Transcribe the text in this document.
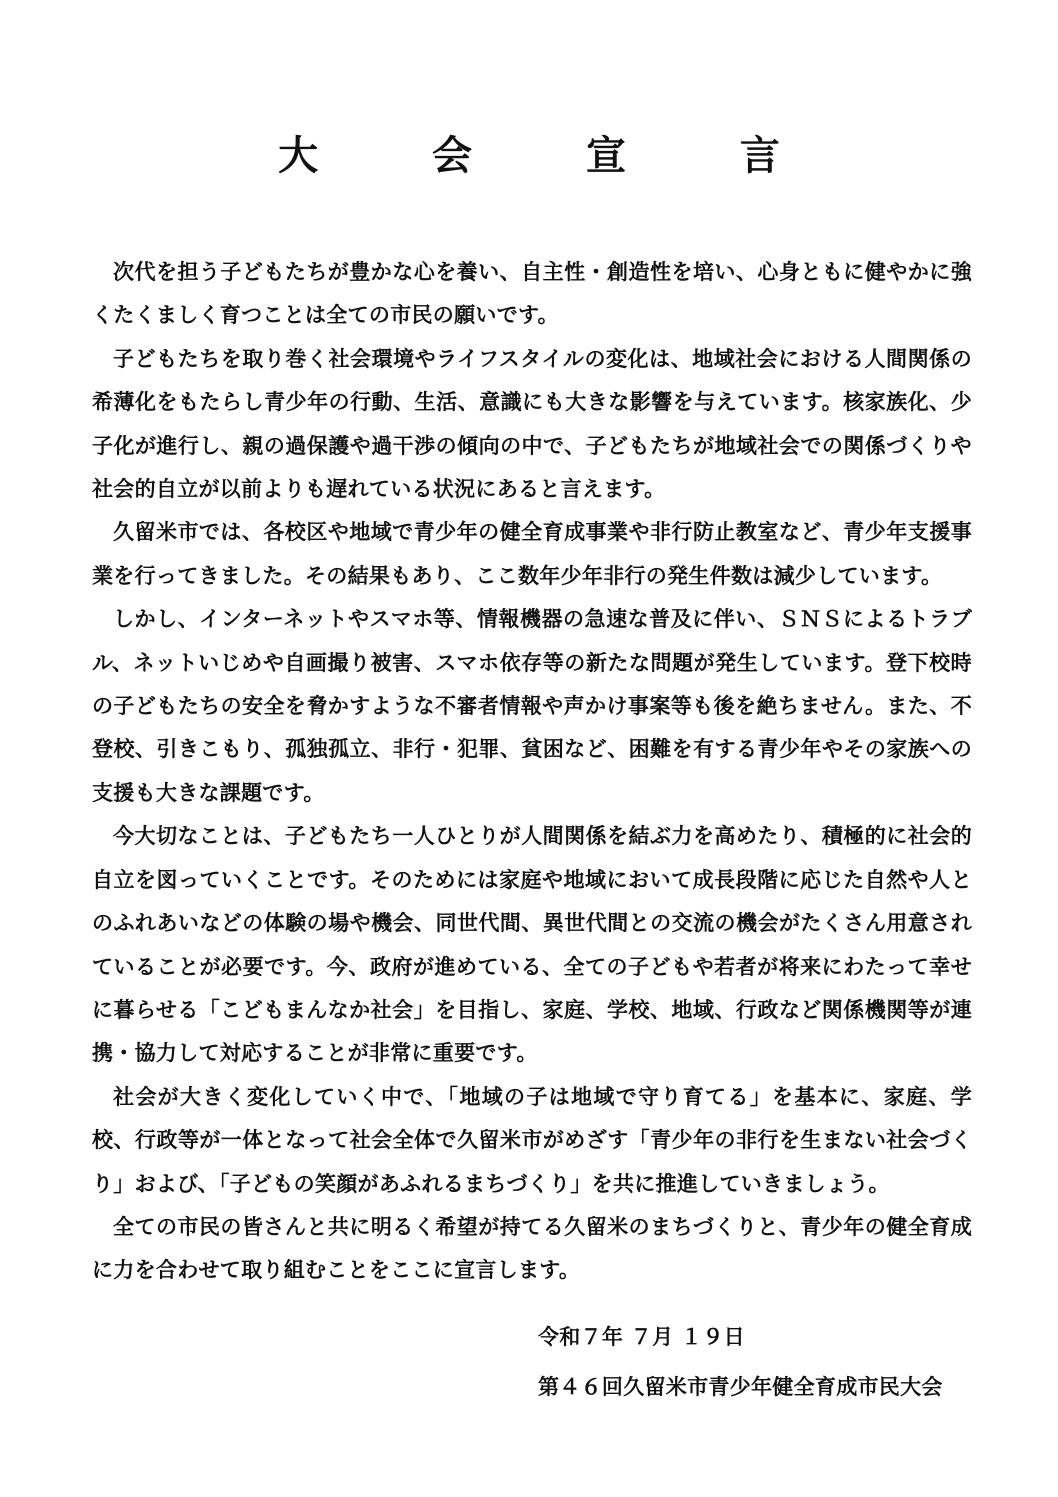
大 会 宣 言

次代を担う子どもたちが豊かな心を養い、自主性・創造性を培い、心身ともに健やかに強くたくましく育つことは全ての市民の願いです。

子どもたちを取り巻く社会環境やライフスタイルの変化は、地域社会における人間関係の希薄化をもたらし青少年の行動、生活、意識にも大きな影響を与えています。核家族化、少子化が進行し、親の過保護や過干渉の傾向の中で、子どもたちが地域社会での関係づくりや社会的自立が以前よりも遅れている状況にあると言えます。

久留米市では、各校区や地域で青少年の健全育成事業や非行防止教室など、青少年支援事業を行ってきました。その結果もあり、ここ数年少年非行の発生件数は減少しています。

しかし、インターネットやスマホ等、情報機器の急速な普及に伴い、ＳＮＳによるトラブル、ネットいじめや自画撮り被害、スマホ依存等の新たな問題が発生しています。登下校時の子どもたちの安全を脅かすような不審者情報や声かけ事案等も後を絶ちません。また、不登校、引きこもり、孤独孤立、非行・犯罪、貧困など、困難を有する青少年やその家族への支援も大きな課題です。

今大切なことは、子どもたち一人ひとりが人間関係を結ぶ力を高めたり、積極的に社会的自立を図っていくことです。そのためには家庭や地域において成長段階に応じた自然や人とのふれあいなどの体験の場や機会、同世代間、異世代間との交流の機会がたくさん用意されていることが必要です。今、政府が進めている、全ての子どもや若者が将来にわたって幸せに暮らせる「こどもまんなか社会」を目指し、家庭、学校、地域、行政など関係機関等が連携・協力して対応することが非常に重要です。

社会が大きく変化していく中で、「地域の子は地域で守り育てる」を基本に、家庭、学校、行政等が一体となって社会全体で久留米市がめざす「青少年の非行を生まない社会づくり」および、「子どもの笑顔があふれるまちづくり」を共に推進していきましょう。

全ての市民の皆さんと共に明るく希望が持てる久留米のまちづくりと、青少年の健全育成に力を合わせて取り組むことをここに宣言します。

令和７年 ７月 １９日
第４６回久留米市青少年健全育成市民大会
